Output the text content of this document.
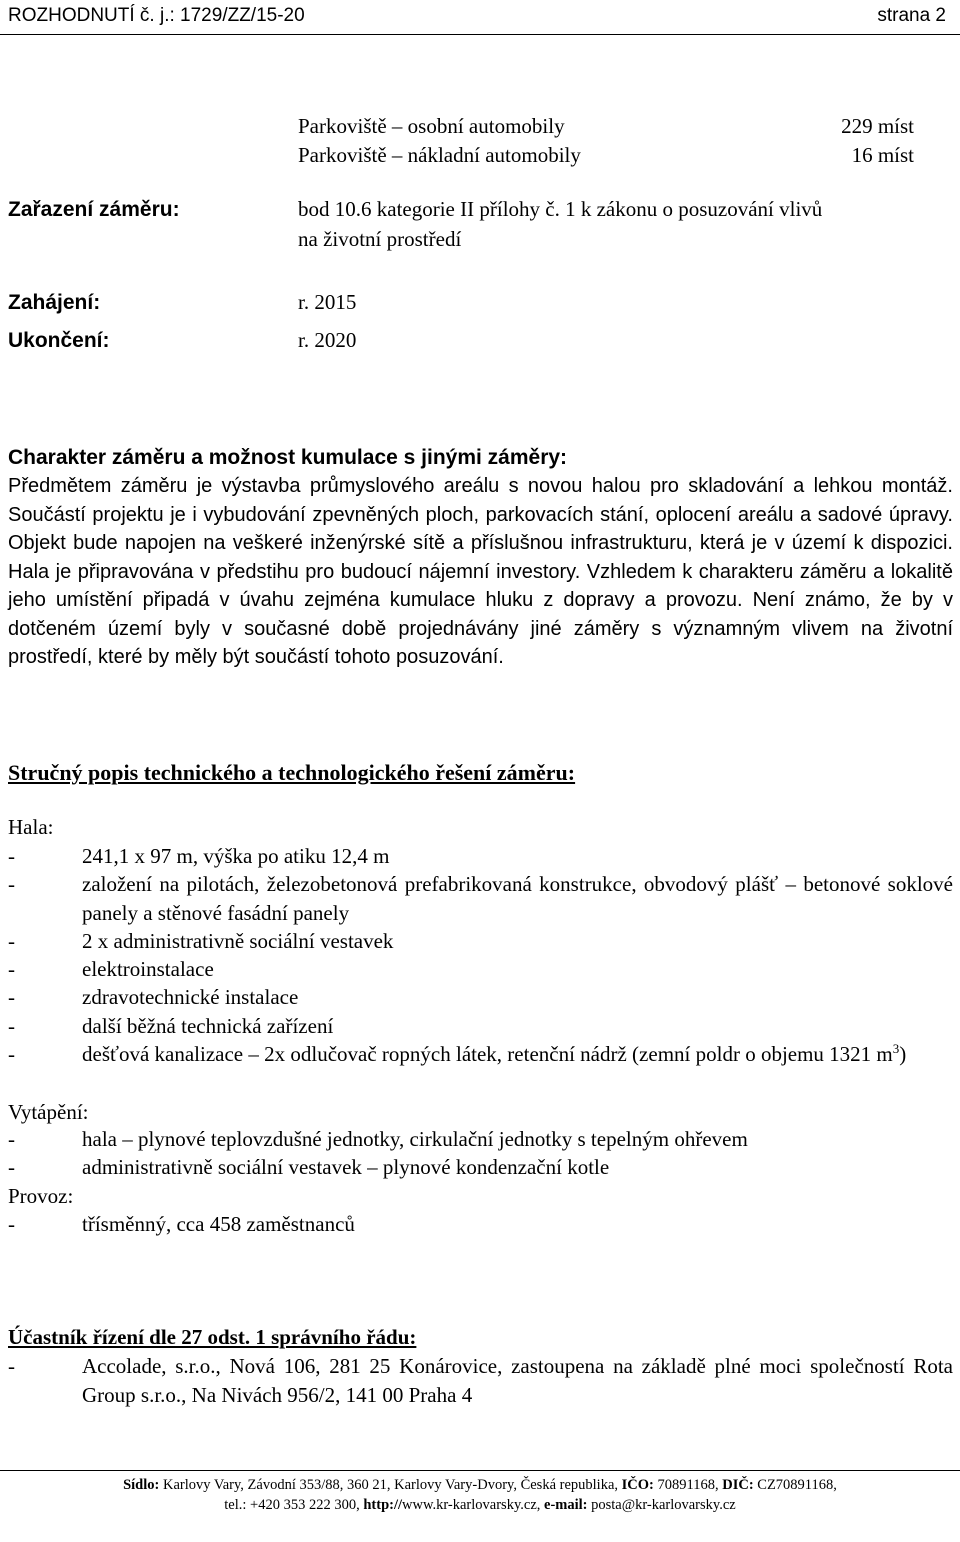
ROZHODNUTÍ č. j.: 1729/ZZ/15-20	strana 2
Parkoviště – osobní automobily	229 míst
Parkoviště – nákladní automobily	16 míst
Zařazení záměru:	bod 10.6 kategorie II přílohy č. 1 k zákonu o posuzování vlivů
na životní prostředí
Zahájení:	r. 2015
Ukončení:	r. 2020
Charakter záměru a možnost kumulace s jinými záměry:
Předmětem záměru je výstavba průmyslového areálu s novou halou pro skladování a lehkou montáž. Součástí projektu je i vybudování zpevněných ploch, parkovacích stání, oplocení areálu a sadové úpravy. Objekt bude napojen na veškeré inženýrské sítě a příslušnou infrastrukturu, která je v území k dispozici. Hala je připravována v předstihu pro budoucí nájemní investory. Vzhledem k charakteru záměru a lokalitě jeho umístění připadá v úvahu zejména kumulace hluku z dopravy a provozu. Není známo, že by v dotčeném území byly v současné době projednávány jiné záměry s významným vlivem na životní prostředí, které by měly být součástí tohoto posuzování.
Stručný popis technického a technologického řešení záměru:
Hala:
-	241,1 x 97 m, výška po atiku 12,4 m
-	založení na pilotách, železobetonová prefabrikovaná konstrukce, obvodový plášť – betonové soklové panely a stěnové fasádní panely
-	2 x administrativně sociální vestavek
-	elektroinstalace
-	zdravotechnické instalace
-	další běžná technická zařízení
-	dešťová kanalizace – 2x odlučovač ropných látek, retenční nádrž (zemní poldr o objemu 1321 $m^3$)
Vytápění:
-	hala – plynové teplovzdušné jednotky, cirkulační jednotky s tepelným ohřevem
-	administrativně sociální vestavek – plynové kondenzační kotle
Provoz:
-	třísměnný, cca 458 zaměstnanců
Účastník řízení dle 27 odst. 1 správního řádu:
-	Accolade, s.r.o., Nová 106, 281 25 Konárovice, zastoupena na základě plné moci společností Rota Group s.r.o., Na Nivách 956/2, 141 00 Praha 4
Sídlo: Karlovy Vary, Závodní 353/88, 360 21, Karlovy Vary-Dvory, Česká republika, IČO: 70891168, DIČ: CZ70891168,
tel.: +420 353 222 300, http://www.kr-karlovarsky.cz, e-mail: posta@kr-karlovarsky.cz
